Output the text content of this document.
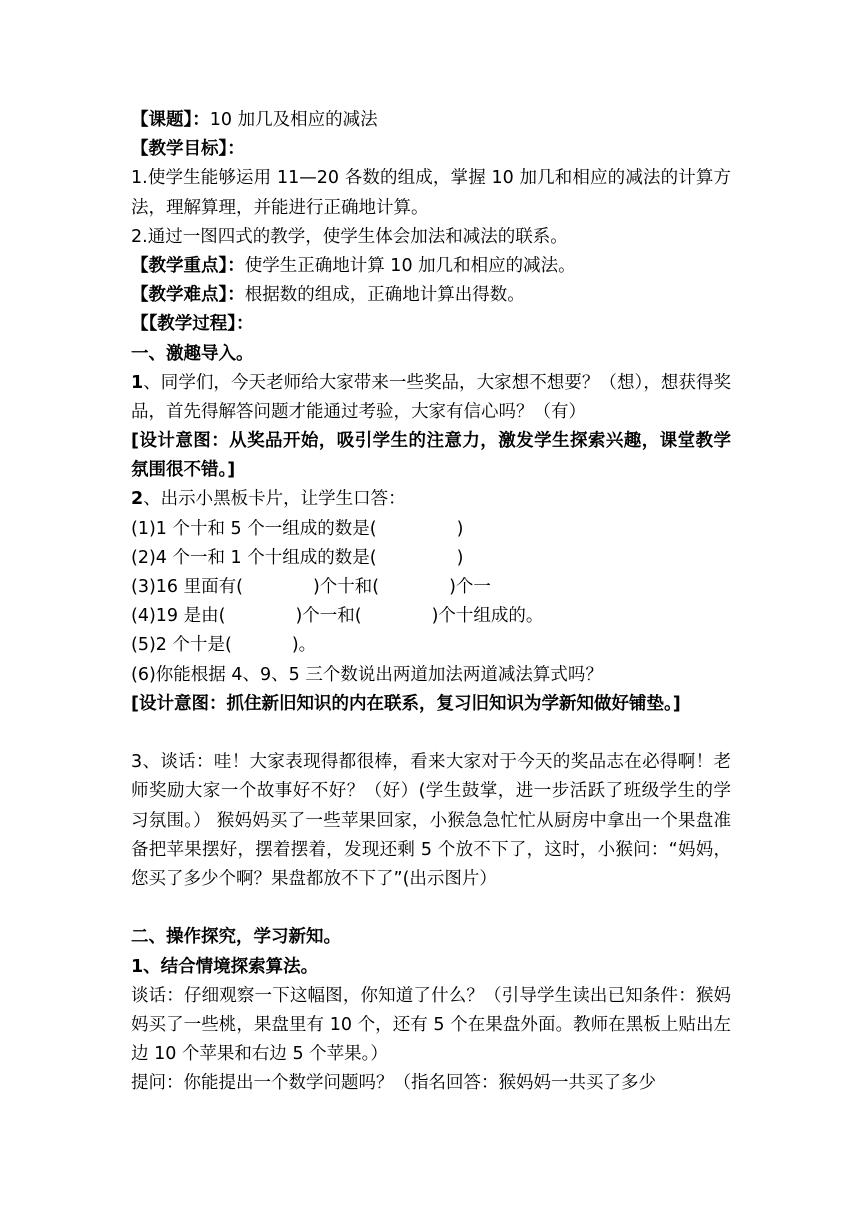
【课题】：10 加几及相应的减法
【教学目标】：
1.使学生能够运用 11—20 各数的组成，掌握 10 加几和相应的减法的计算方法，理解算理，并能进行正确地计算。
2.通过一图四式的教学，使学生体会加法和减法的联系。
【教学重点】：使学生正确地计算 10 加几和相应的减法。
【教学难点】：根据数的组成，正确地计算出得数。
【【教学过程】：
一、激趣导入。
1、同学们，今天老师给大家带来一些奖品，大家想不想要？（想），想获得奖品，首先得解答问题才能通过考验，大家有信心吗？（有）
[设计意图：从奖品开始，吸引学生的注意力，激发学生探索兴趣，课堂教学氛围很不错。]
2、出示小黑板卡片，让学生口答：
(1)1 个十和 5 个一组成的数是(	)
(2)4 个一和 1 个十组成的数是(	)
(3)16 里面有(	)个十和(	)个一
(4)19 是由(	)个一和(	)个十组成的。
(5)2 个十是(	)。
(6)你能根据 4、9、5 三个数说出两道加法两道减法算式吗？
[设计意图：抓住新旧知识的内在联系，复习旧知识为学新知做好铺垫。]
3、谈话：哇！大家表现得都很棒，看来大家对于今天的奖品志在必得啊！老师奖励大家一个故事好不好？（好）(学生鼓掌，进一步活跃了班级学生的学习氛围。） 猴妈妈买了一些苹果回家，小猴急急忙忙从厨房中拿出一个果盘准备把苹果摆好，摆着摆着，发现还剩 5 个放不下了，这时，小猴问：“妈妈，您买了多少个啊？果盘都放不下了”(出示图片）
二、操作探究，学习新知。
1、结合情境探索算法。
谈话：仔细观察一下这幅图，你知道了什么？（引导学生读出已知条件：猴妈妈买了一些桃，果盘里有 10 个，还有 5 个在果盘外面。教师在黑板上贴出左边 10 个苹果和右边 5 个苹果。）
提问：你能提出一个数学问题吗？（指名回答：猴妈妈一共买了多少
